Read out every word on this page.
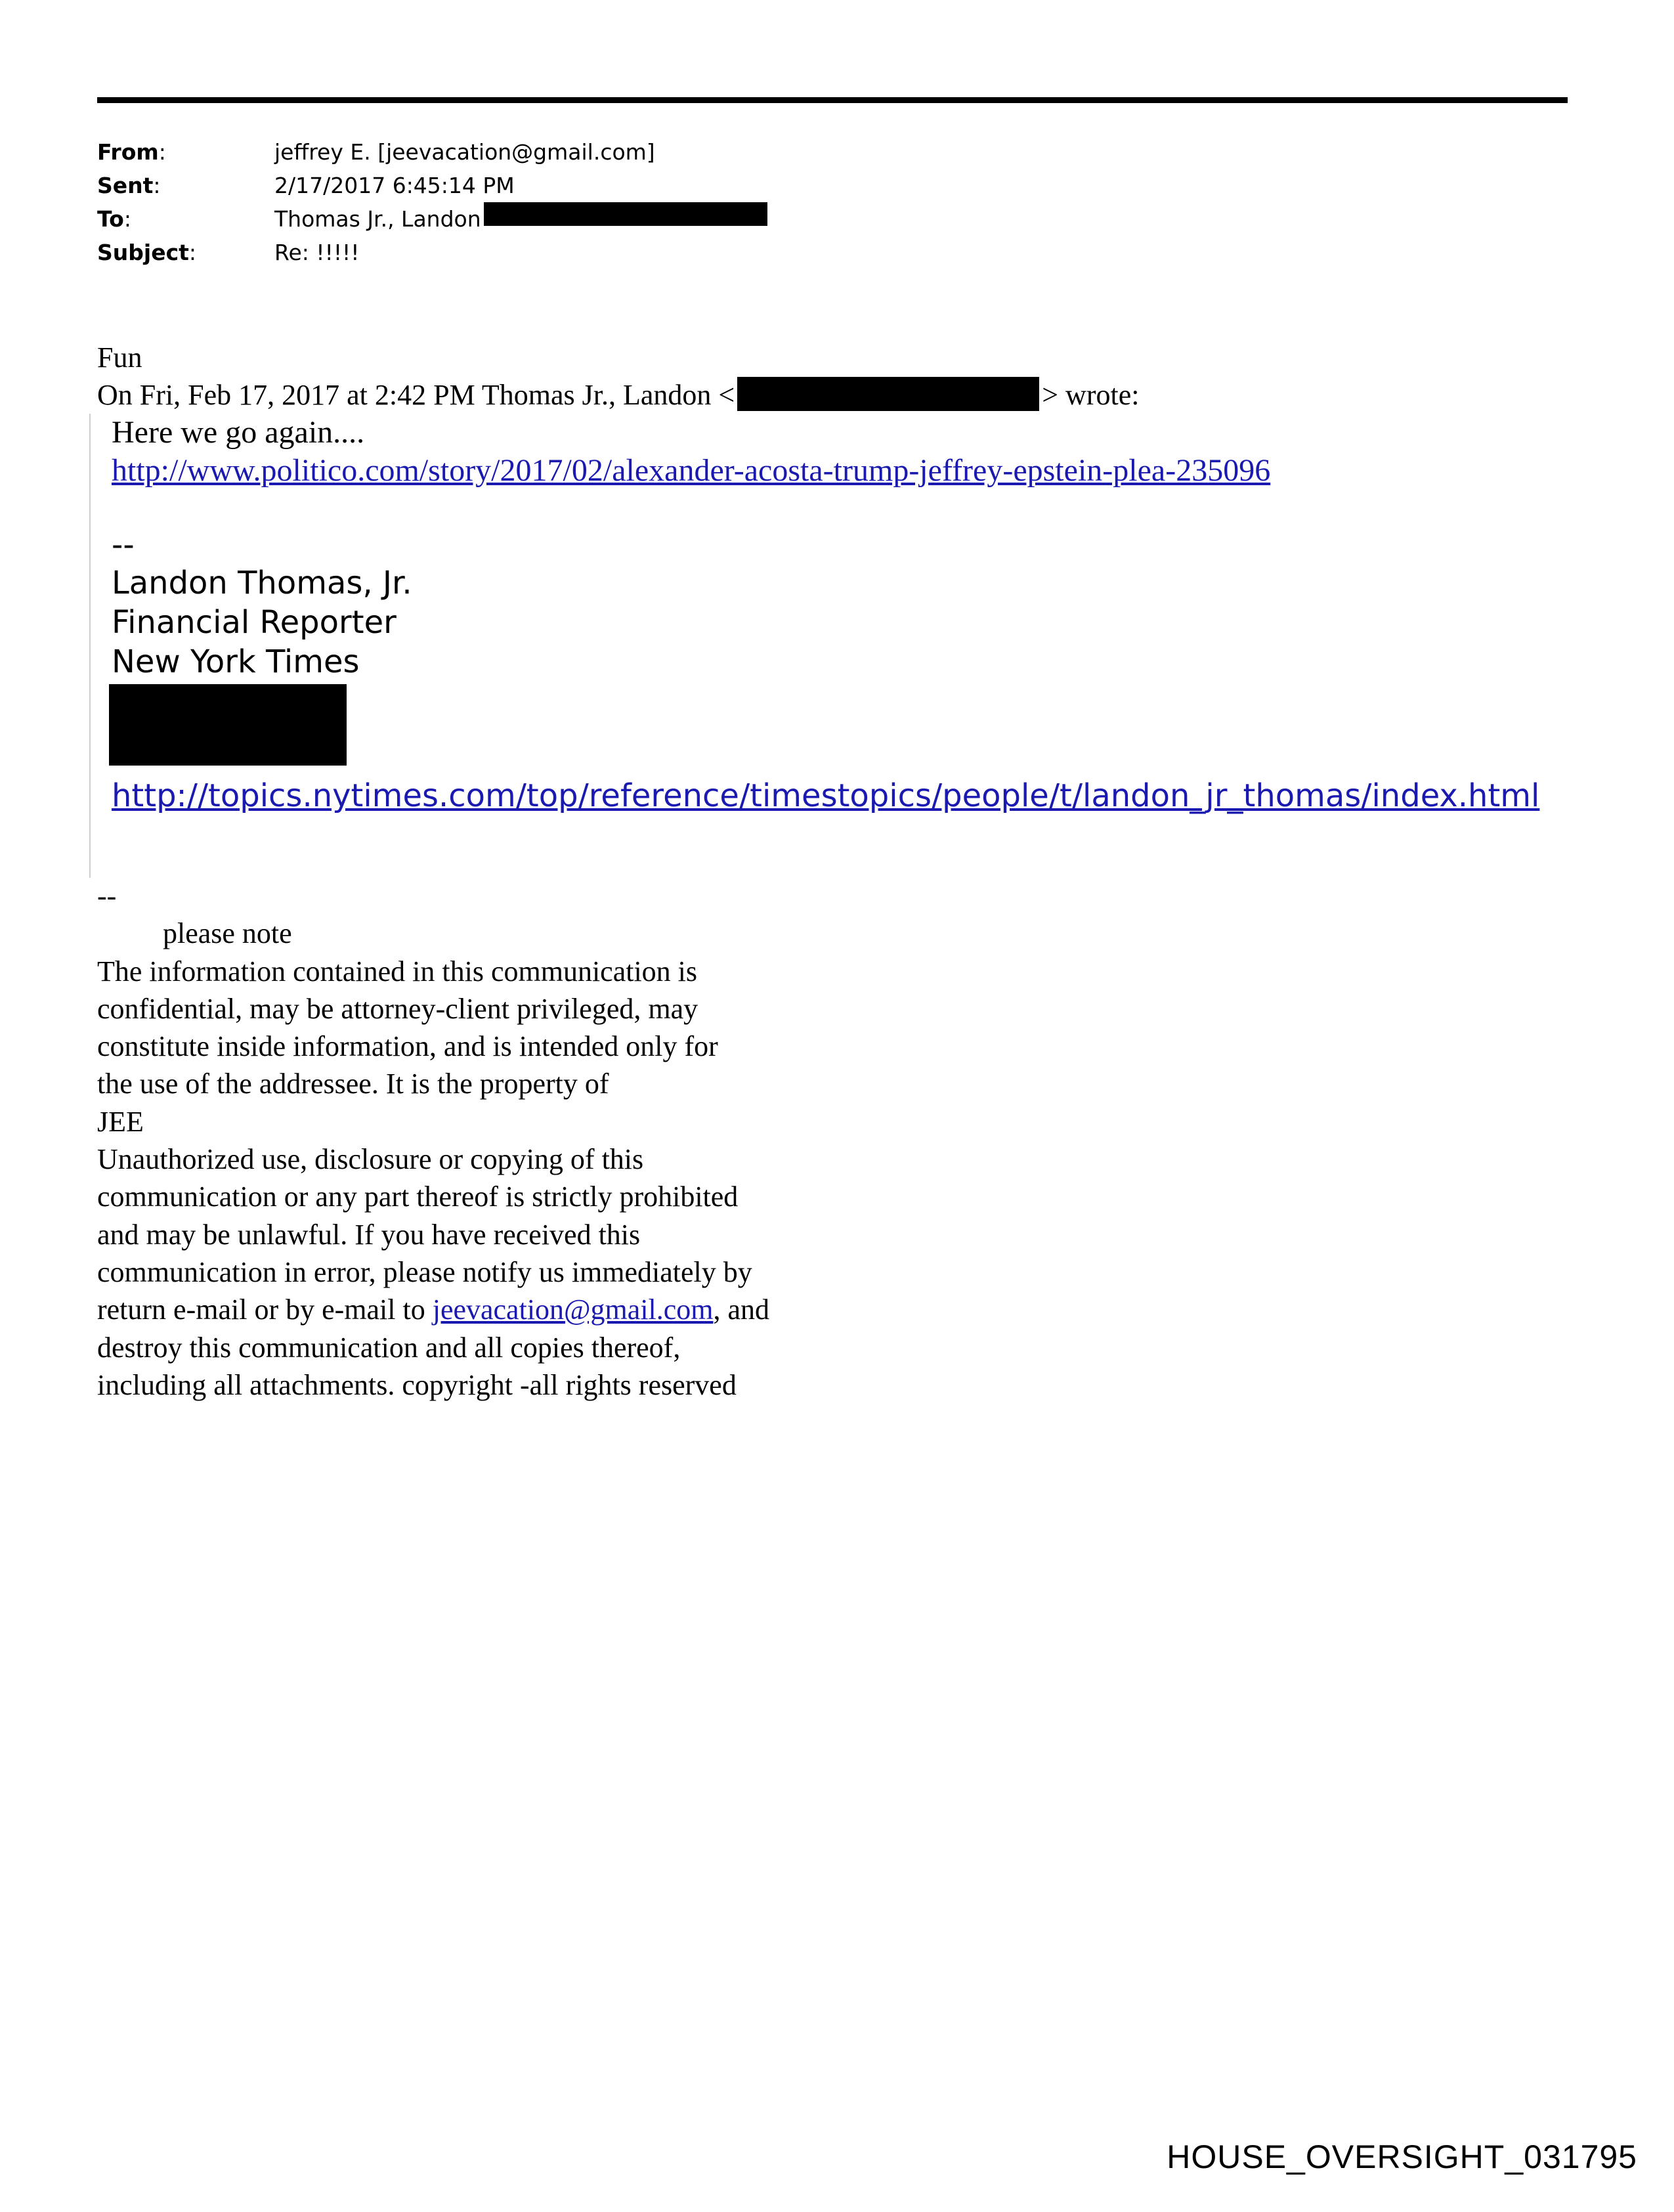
From:	jeffrey E. [jeevacation@gmail.com]
Sent:	2/17/2017 6:45:14 PM
To:	Thomas Jr., Landon
Subject:	Re: !!!!!
Fun
On Fri, Feb 17, 2017 at 2:42 PM Thomas Jr., Landon <	> wrote:
Here we go again....
http://www.politico.com/story/2017/02/alexander-acosta-trump-jeffrey-epstein-plea-235096
--
Landon Thomas, Jr.
Financial Reporter
New York Times
http://topics.nytimes.com/top/reference/timestopics/people/t/landon_jr_thomas/index.html
--
please note
The information contained in this communication is
confidential, may be attorney-client privileged, may
constitute inside information, and is intended only for
the use of the addressee. It is the property of
JEE
Unauthorized use, disclosure or copying of this
communication or any part thereof is strictly prohibited
and may be unlawful. If you have received this
communication in error, please notify us immediately by
return e-mail or by e-mail to jeevacation@gmail.com, and
destroy this communication and all copies thereof,
including all attachments. copyright -all rights reserved
HOUSE_OVERSIGHT_031795
